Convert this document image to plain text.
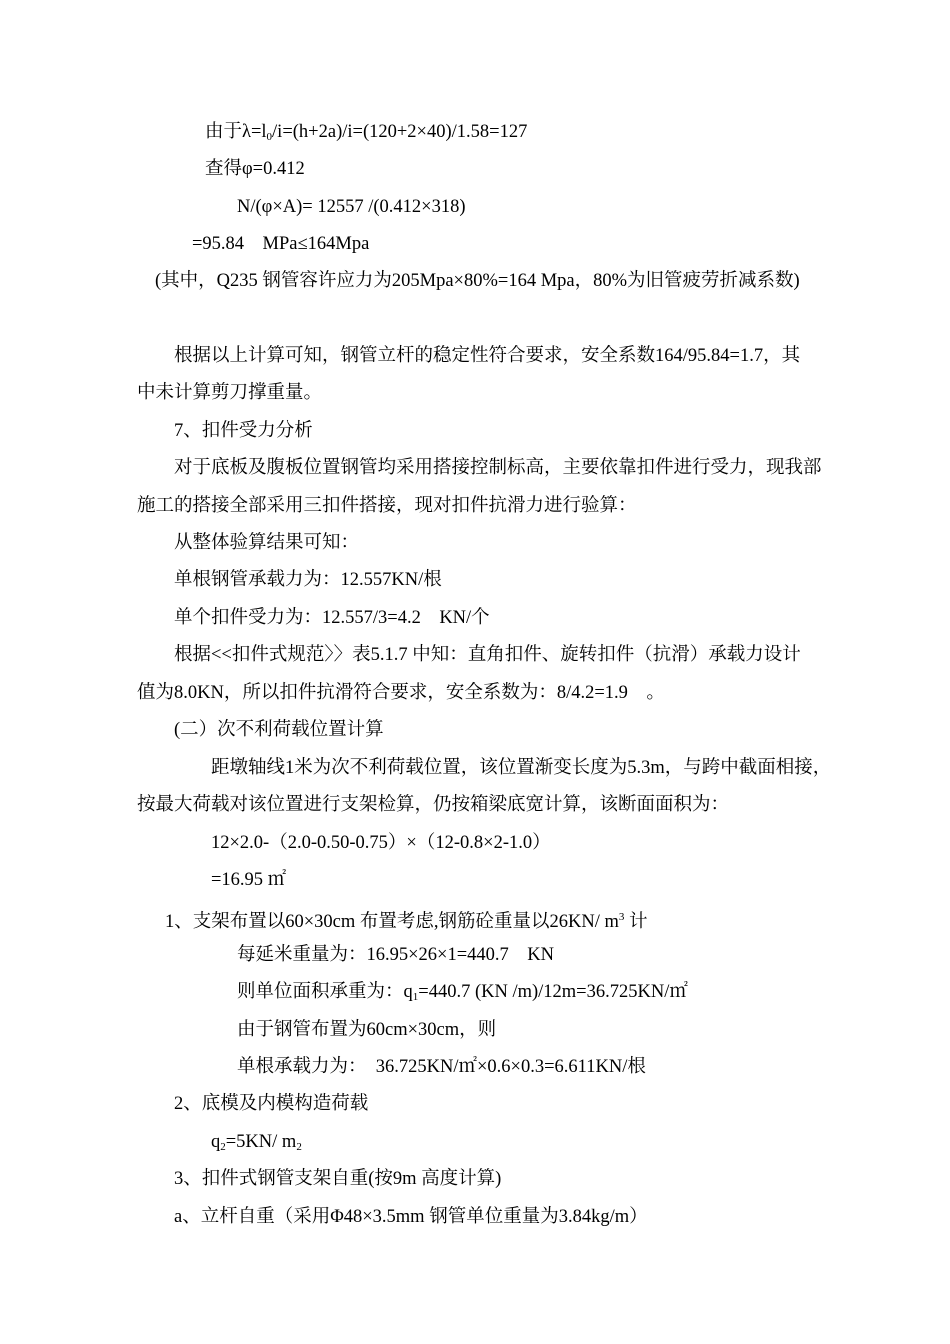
由于$\lambda=l_0/i=(h+2a)/i=(120+2\times 40)/1.58=127$
查得φ=0.412
N/(φ×A)= 12557 /(0.412×318)
=95.84　MPa≤164Mpa
(其中，Q235 钢管容许应力为205Mpa×80%=164 Mpa，80%为旧管疲劳折减系数)
根据以上计算可知，钢管立杆的稳定性符合要求，安全系数164/95.84=1.7，其
中未计算剪刀撑重量。
7、扣件受力分析
对于底板及腹板位置钢管均采用搭接控制标高，主要依靠扣件进行受力，现我部
施工的搭接全部采用三扣件搭接，现对扣件抗滑力进行验算：
从整体验算结果可知：
单根钢管承载力为：12.557KN/根
单个扣件受力为：12.557/3=4.2　KN/个
根据<<扣件式规范〉〉表5.1.7 中知：直角扣件、旋转扣件（抗滑）承载力设计
值为8.0KN，所以扣件抗滑符合要求，安全系数为：8/4.2=1.9　。
(二）次不利荷载位置计算
距墩轴线1米为次不利荷载位置，该位置渐变长度为5.3m，与跨中截面相接，
按最大荷载对该位置进行支架检算，仍按箱梁底宽计算，该断面面积为：
12×2.0-（2.0-0.50-0.75）×（12-0.8×2-1.0）
=16.95 ㎡
1、支架布置以60×30cm 布置考虑,钢筋砼重量以26KN/ $m^3$ 计
每延米重量为：16.95×26×1=440.7　KN
则单位面积承重为：$q_1=440.7$ (KN /m)/12m=36.725KN/㎡
由于钢管布置为60cm×30cm，则
单根承载力为：　36.725KN/㎡×0.6×0.3=6.611KN/根
2、底模及内模构造荷载
$q_2=5KN/$ $m_2$
3、扣件式钢管支架自重(按9m 高度计算)
a、立杆自重（采用Φ48×3.5mm 钢管单位重量为3.84kg/m）
